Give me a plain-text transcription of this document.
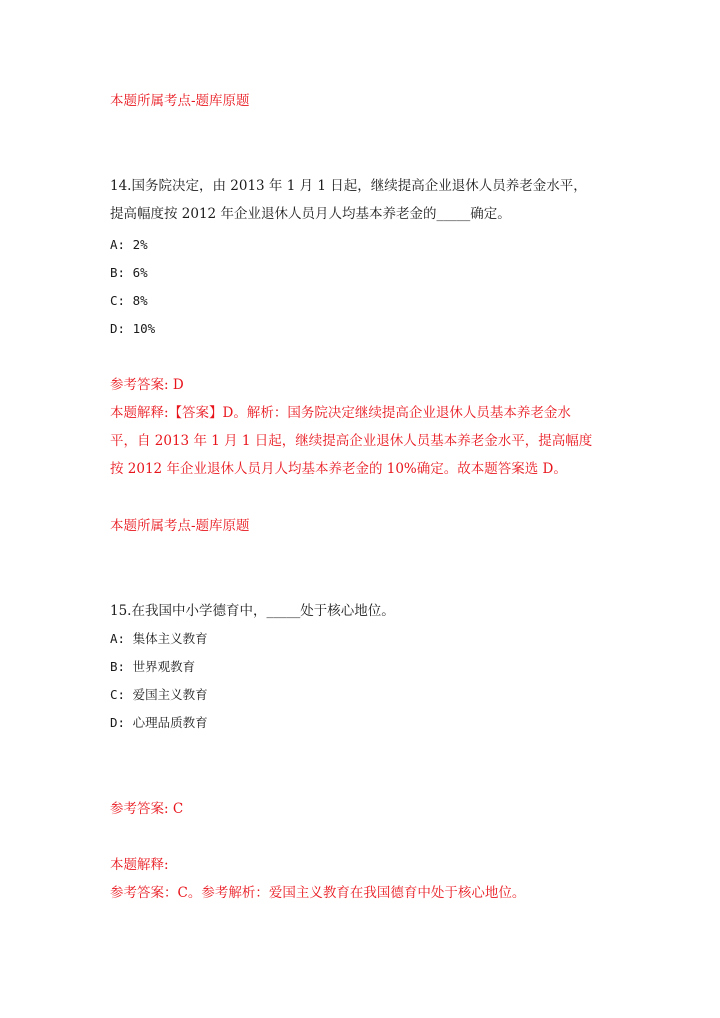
本题所属考点-题库原题

14.国务院决定，由 2013 年 1 月 1 日起，继续提高企业退休人员养老金水平，

提高幅度按 2012 年企业退休人员月人均基本养老金的_____确定。

A: 2%

B: 6%

C: 8%

D: 10%

参考答案: D

本题解释:【答案】D。解析：国务院决定继续提高企业退休人员基本养老金水

平，自 2013 年 1 月 1 日起，继续提高企业退休人员基本养老金水平，提高幅度

按 2012 年企业退休人员月人均基本养老金的 10%确定。故本题答案选 D。

本题所属考点-题库原题

15.在我国中小学德育中，_____处于核心地位。

A: 集体主义教育

B: 世界观教育

C: 爱国主义教育

D: 心理品质教育

参考答案: C

本题解释:

参考答案：C。参考解析：爱国主义教育在我国德育中处于核心地位。
